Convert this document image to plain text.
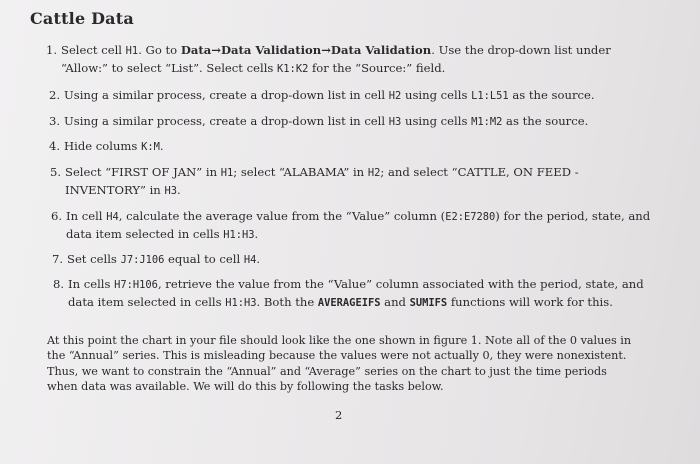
Cattle Data
1. Select cell H1. Go to Data→Data Validation→Data Validation. Use the drop-down list under “Allow:” to select “List”. Select cells K1:K2 for the “Source:” field.
2. Using a similar process, create a drop-down list in cell H2 using cells L1:L51 as the source.
3. Using a similar process, create a drop-down list in cell H3 using cells M1:M2 as the source.
4. Hide colums K:M.
5. Select “FIRST OF JAN” in H1; select “ALABAMA” in H2; and select “CATTLE, ON FEED - INVENTORY” in H3.
6. In cell H4, calculate the average value from the “Value” column (E2:E7280) for the period, state, and data item selected in cells H1:H3.
7. Set cells J7:J106 equal to cell H4.
8. In cells H7:H106, retrieve the value from the “Value” column associated with the period, state, and data item selected in cells H1:H3. Both the AVERAGEIFS and SUMIFS functions will work for this.

At this point the chart in your file should look like the one shown in figure 1. Note all of the 0 values in the “Annual” series. This is misleading because the values were not actually 0, they were nonexistent. Thus, we want to constrain the “Annual” and “Average” series on the chart to just the time periods when data was available. We will do this by following the tasks below.

2
